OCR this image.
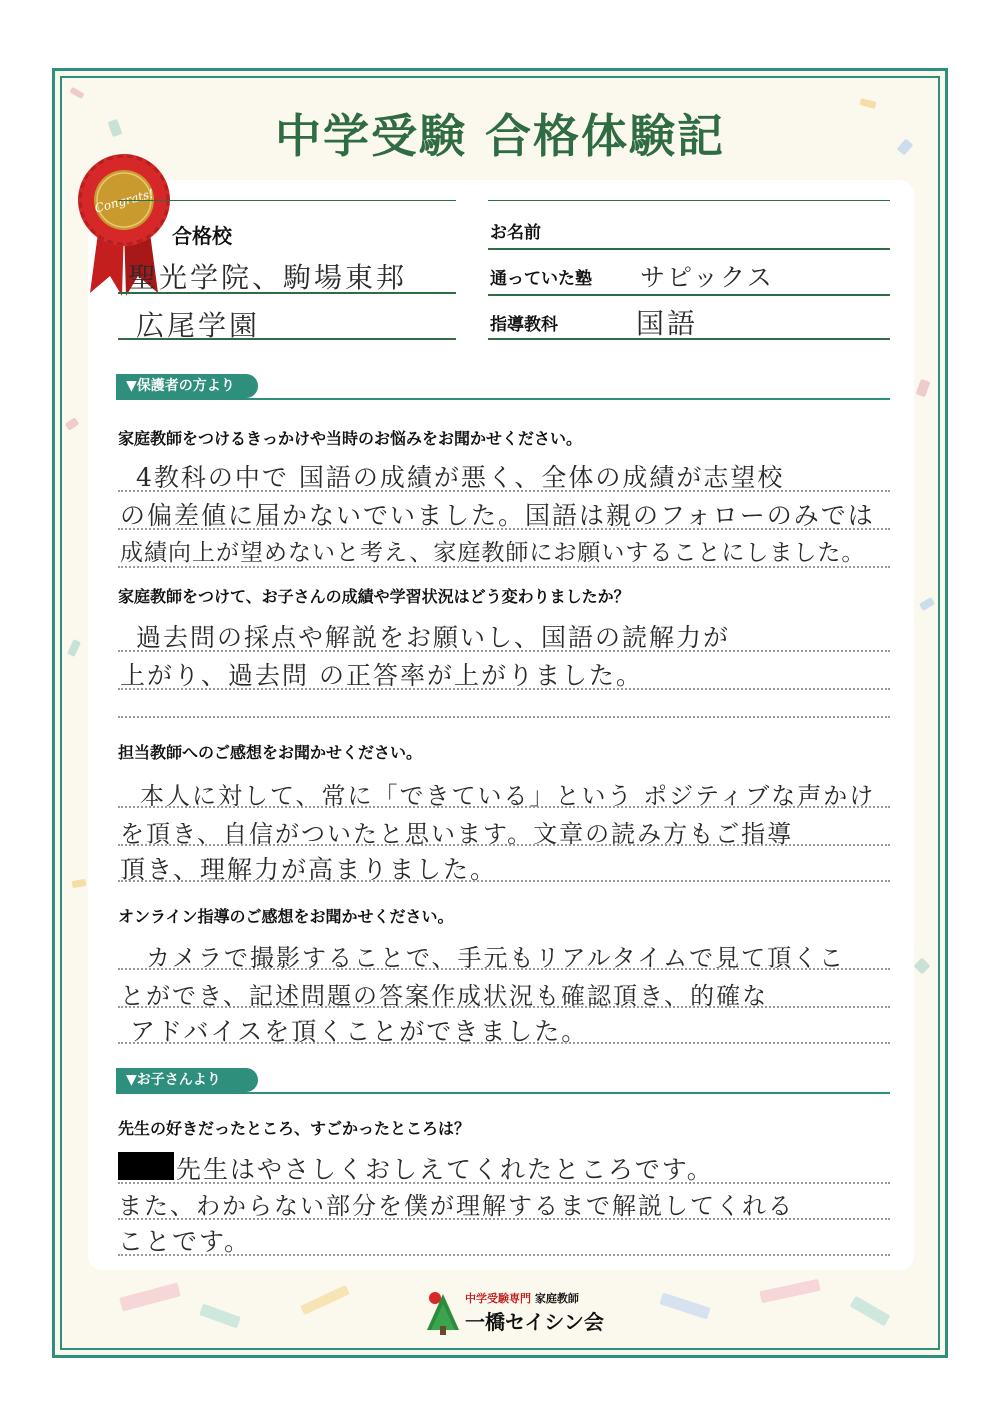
中学受験 合格体験記
Congrats!
合格校
聖光学院、駒場東邦
広尾学園
お名前
通っていた塾 サピックス
指導教科	国語
▼保護者の方より
家庭教師をつけるきっかけや当時のお悩みをお聞かせください。
4教科の中で 国語の成績が悪く、全体の成績が志望校
の偏差値に届かないでいました。国語は親のフォローのみでは
成績向上が望めないと考え、家庭教師にお願いすることにしました。
家庭教師をつけて、お子さんの成績や学習状況はどう変わりましたか？
過去問の採点や解説をお願いし、国語の読解力が
上がり、過去問 の正答率が上がりました。
担当教師へのご感想をお聞かせください。
本人に対して、常に「できている」という ポジティブな声かけ
を頂き、自信がついたと思います。文章の読み方もご指導
頂き、理解力が高まりました。
オンライン指導のご感想をお聞かせください。
カメラで撮影することで、手元もリアルタイムで見て頂くこ
とができ、記述問題の答案作成状況も確認頂き、的確な
アドバイスを頂くことができました。
▼お子さんより
先生の好きだったところ、すごかったところは？
先生はやさしくおしえてくれたところです。
また、わからない部分を僕が理解するまで解説してくれる
ことです。
中学受験専門 家庭教師
一橋セイシン会
